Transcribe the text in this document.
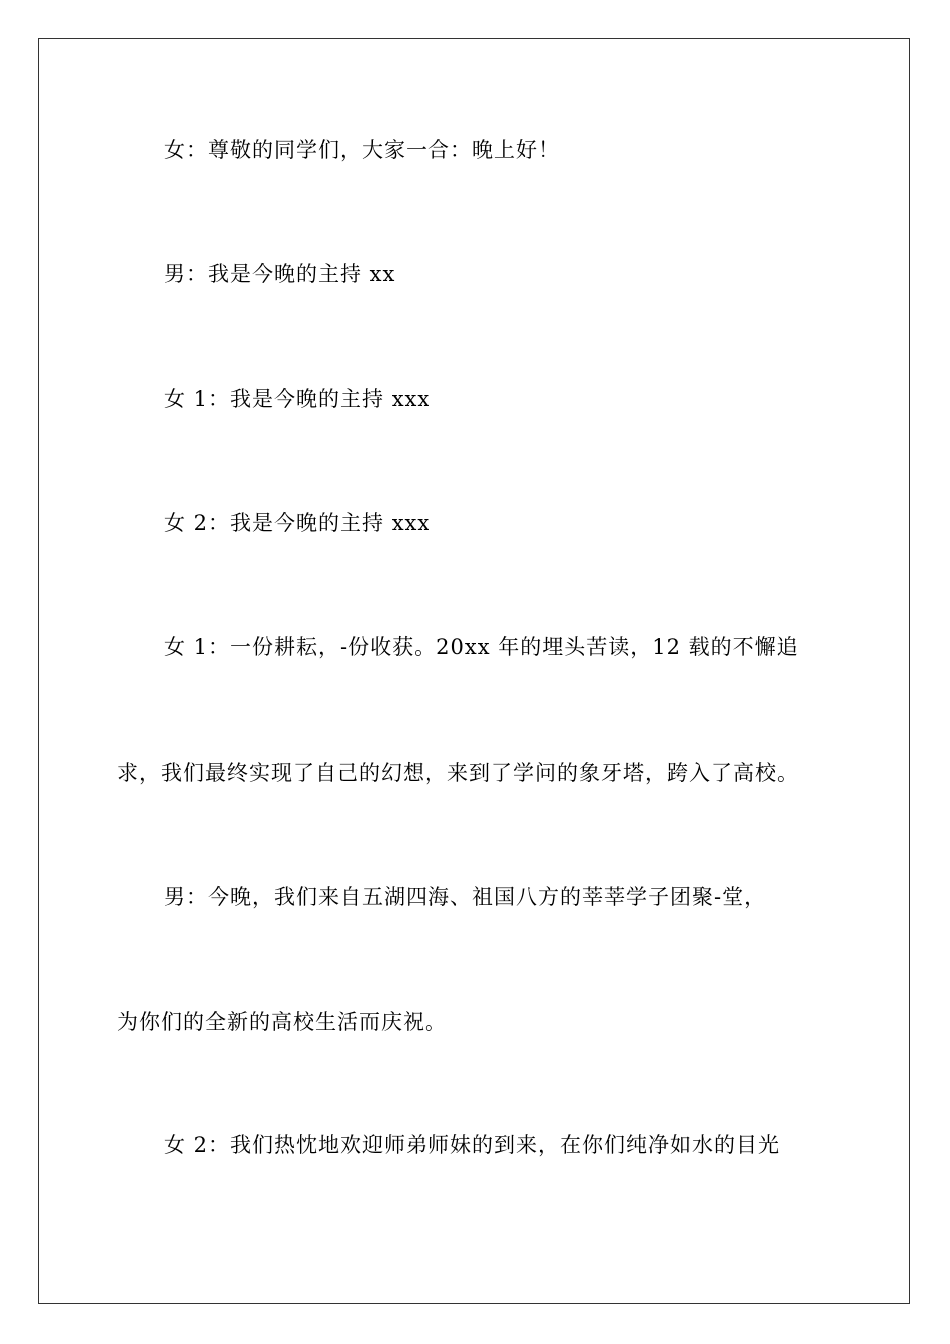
女：尊敬的同学们，大家一合：晚上好！

男：我是今晚的主持 xx

女 1：我是今晚的主持 xxx

女 2：我是今晚的主持 xxx

女 1：一份耕耘，-份收获。20xx 年的埋头苦读，12 载的不懈追

求，我们最终实现了自己的幻想，来到了学问的象牙塔，跨入了高校。

男：今晚，我们来自五湖四海、祖国八方的莘莘学子团聚-堂，

为你们的全新的高校生活而庆祝。

女 2：我们热忱地欢迎师弟师妹的到来，在你们纯净如水的目光
